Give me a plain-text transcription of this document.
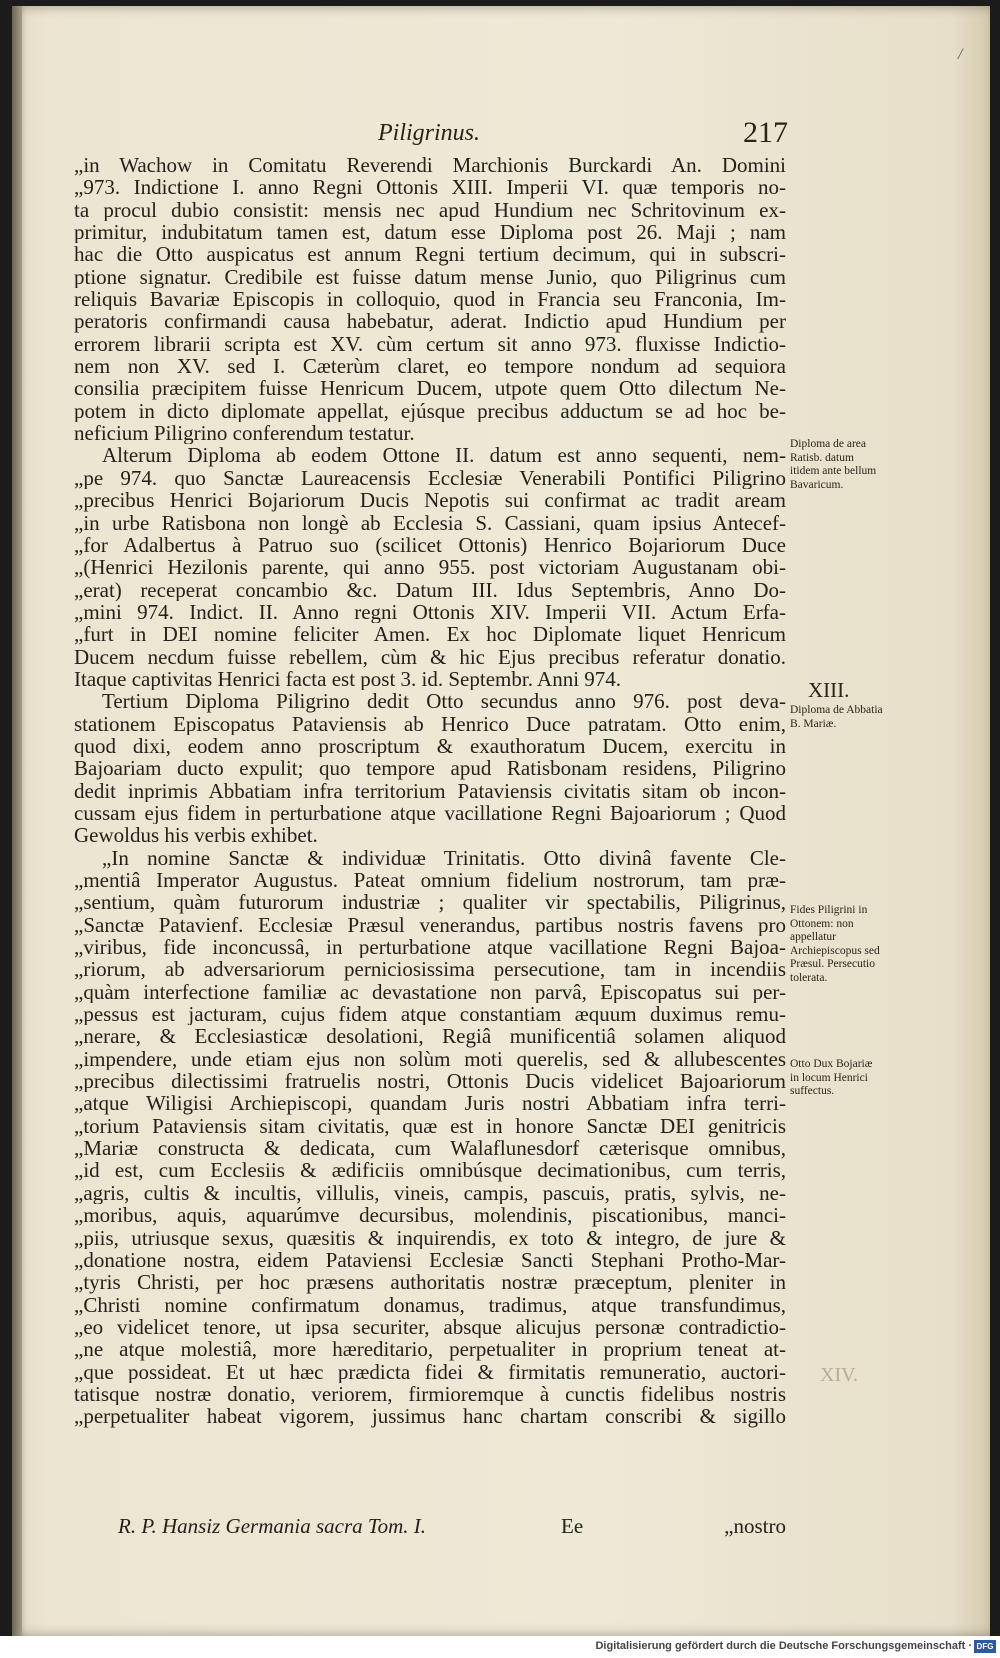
/
Piligrinus.	217
„in Wachow in Comitatu Reverendi Marchionis Burckardi An. Domini
„973. Indictione I. anno Regni Ottonis XIII. Imperii VI. quæ temporis no-
ta procul dubio consistit: mensis nec apud Hundium nec Schritovinum ex-
primitur, indubitatum tamen est, datum esse Diploma post 26. Maji ; nam
hac die Otto auspicatus est annum Regni tertium decimum, qui in subscri-
ptione signatur. Credibile est fuisse datum mense Junio, quo Piligrinus cum
reliquis Bavariæ Episcopis in colloquio, quod in Francia seu Franconia, Im-
peratoris confirmandi causa habebatur, aderat. Indictio apud Hundium per
errorem librarii scripta est XV. cùm certum sit anno 973. fluxisse Indictio-
nem non XV. sed I. Cæterùm claret, eo tempore nondum ad sequiora
consilia præcipitem fuisse Henricum Ducem, utpote quem Otto dilectum Ne-
potem in dicto diplomate appellat, ejúsque precibus adductum se ad hoc be-
neficium Piligrino conferendum testatur.
Alterum Diploma ab eodem Ottone II. datum est anno sequenti, nem-
„pe 974. quo Sanctæ Laureacensis Ecclesiæ Venerabili Pontifici Piligrino
„precibus Henrici Bojariorum Ducis Nepotis sui confirmat ac tradit aream
„in urbe Ratisbona non longè ab Ecclesia S. Cassiani, quam ipsius Antecef-
„for Adalbertus à Patruo suo (scilicet Ottonis) Henrico Bojariorum Duce
„(Henrici Hezilonis parente, qui anno 955. post victoriam Augustanam obi-
„erat) receperat concambio &c. Datum III. Idus Septembris, Anno Do-
„mini 974. Indict. II. Anno regni Ottonis XIV. Imperii VII. Actum Erfa-
„furt in DEI nomine feliciter Amen. Ex hoc Diplomate liquet Henricum
Ducem necdum fuisse rebellem, cùm & hic Ejus precibus referatur donatio.
Itaque captivitas Henrici facta est post 3. id. Septembr. Anni 974.
Tertium Diploma Piligrino dedit Otto secundus anno 976. post deva-
stationem Episcopatus Pataviensis ab Henrico Duce patratam. Otto enim,
quod dixi, eodem anno proscriptum & exauthoratum Ducem, exercitu in
Bajoariam ducto expulit; quo tempore apud Ratisbonam residens, Piligrino
dedit inprimis Abbatiam infra territorium Pataviensis civitatis sitam ob incon-
cussam ejus fidem in perturbatione atque vacillatione Regni Bajoariorum ; Quod
Gewoldus his verbis exhibet.
„In nomine Sanctæ & individuæ Trinitatis. Otto divinâ favente Cle-
„mentiâ Imperator Augustus. Pateat omnium fidelium nostrorum, tam præ-
„sentium, quàm futurorum industriæ ; qualiter vir spectabilis, Piligrinus,
„Sanctæ Patavienf. Ecclesiæ Præsul venerandus, partibus nostris favens pro
„viribus, fide inconcussâ, in perturbatione atque vacillatione Regni Bajoa-
„riorum, ab adversariorum perniciosissima persecutione, tam in incendiis
„quàm interfectione familiæ ac devastatione non parvâ, Episcopatus sui per-
„pessus est jacturam, cujus fidem atque constantiam æquum duximus remu-
„nerare, & Ecclesiasticæ desolationi, Regiâ munificentiâ solamen aliquod
„impendere, unde etiam ejus non solùm moti querelis, sed & allubescentes
„precibus dilectissimi fratruelis nostri, Ottonis Ducis videlicet Bajoariorum
„atque Wiligisi Archiepiscopi, quandam Juris nostri Abbatiam infra terri-
„torium Pataviensis sitam civitatis, quæ est in honore Sanctæ DEI genitricis
„Mariæ constructa & dedicata, cum Walaflunesdorf cæterisque omnibus,
„id est, cum Ecclesiis & ædificiis omnibúsque decimationibus, cum terris,
„agris, cultis & incultis, villulis, vineis, campis, pascuis, pratis, sylvis, ne-
„moribus, aquis, aquarúmve decursibus, molendinis, piscationibus, manci-
„piis, utriusque sexus, quæsitis & inquirendis, ex toto & integro, de jure &
„donatione nostra, eidem Pataviensi Ecclesiæ Sancti Stephani Protho-Mar-
„tyris Christi, per hoc præsens authoritatis nostræ præceptum, pleniter in
„Christi nomine confirmatum donamus, tradimus, atque transfundimus,
„eo videlicet tenore, ut ipsa securiter, absque alicujus personæ contradictio-
„ne atque molestiâ, more hæreditario, perpetualiter in proprium teneat at-
„que possideat. Et ut hæc prædicta fidei & firmitatis remuneratio, auctori-
tatisque nostræ donatio, veriorem, firmioremque à cunctis fidelibus nostris
„perpetualiter habeat vigorem, jussimus hanc chartam conscribi & sigillo
Diploma de area Ratisb. datum itidem ante bellum Bavaricum.
XIII.
Diploma de Abbatia B. Mariæ.
Fides Piligrini in Ottonem: non appellatur Archiepiscopus sed Præsul. Persecutio tolerata.
Otto Dux Bojariæ in locum Henrici suffectus.
XIV.
R. P. Hansiz Germania sacra Tom. I.	Ee	„nostro
Digitalisierung gefördert durch die Deutsche Forschungsgemeinschaft · DFG
